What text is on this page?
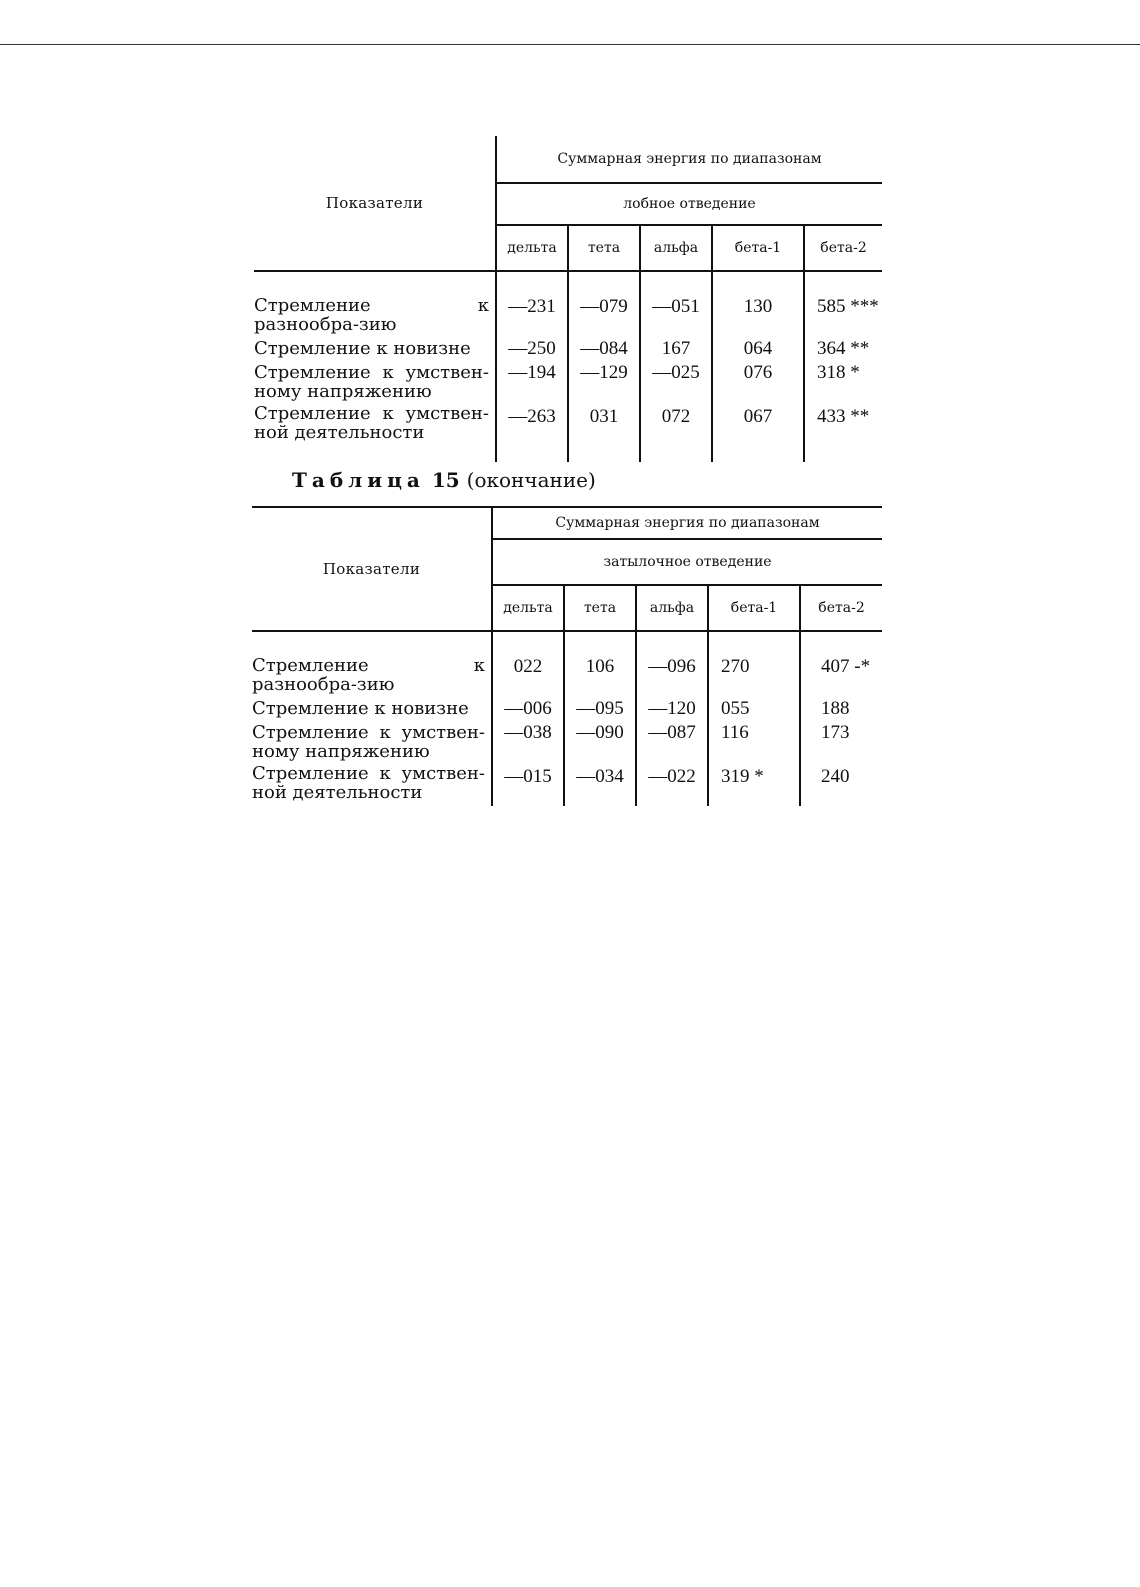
Показатели	Суммарная энергия по диапазонам				
	лобное отведение				
	дельта	тета	альфа	бета-1	бета-2

Стремление к разнообра-зию	—231	—079	—051	130	585 ***
Стремление к новизне	—250	—084	167	064	364 **
Стремление к умствен-ному напряжению	—194	—129	—025	076	318 *
Стремление к умствен-ной деятельности	—263	031	072	067	433 **
Таблица 15 (окончание)
Показатели	Суммарная энергия по диапазонам				
	затылочное отведение				
	дельта	тета	альфа	бета-1	бета-2

Стремление к разнообра-зию	022	106	—096	270	407 -*
Стремление к новизне	—006	—095	—120	055	188
Стремление к умствен-ному напряжению	—038	—090	—087	116	173
Стремление к умствен-ной деятельности	—015	—034	—022	319 *	240
